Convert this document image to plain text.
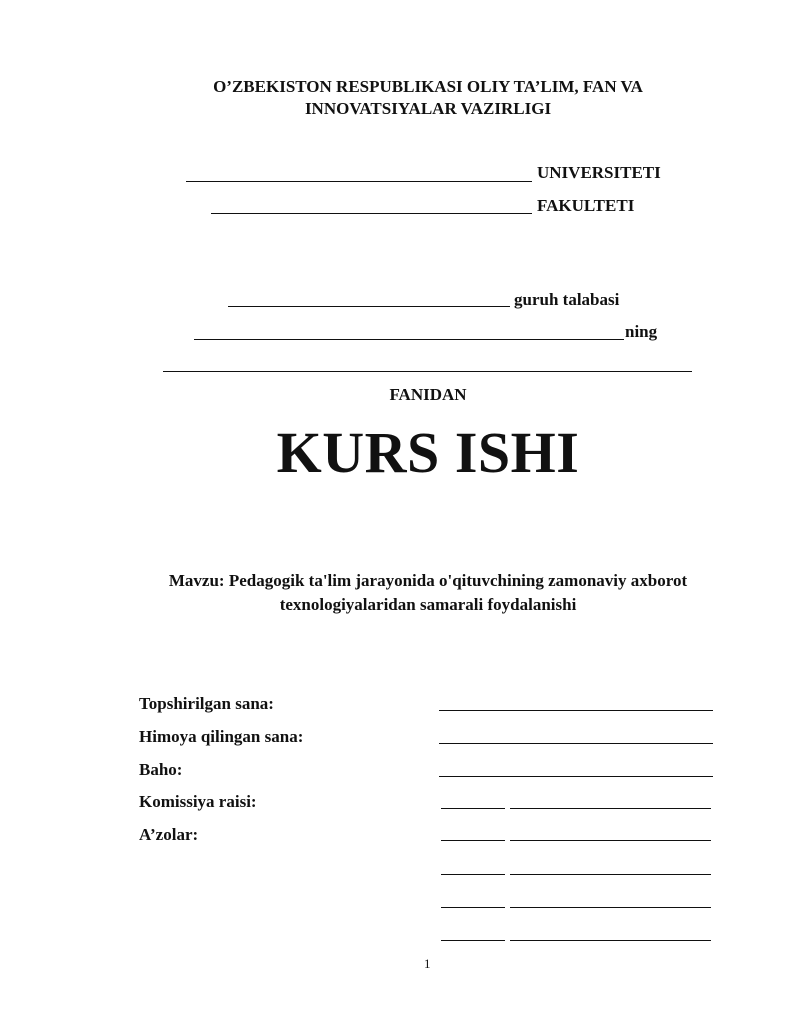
O’ZBEKISTON RESPUBLIKASI OLIY TA’LIM, FAN VA
INNOVATSIYALAR VAZIRLIGI
UNIVERSITETI
FAKULTETI
guruh talabasi
ning
FANIDAN
KURS ISHI
Mavzu: Pedagogik ta'lim jarayonida o'qituvchining zamonaviy axborot
texnologiyalaridan samarali foydalanishi
Topshirilgan sana:
Himoya qilingan sana:
Baho:
Komissiya raisi:
A’zolar:
1
